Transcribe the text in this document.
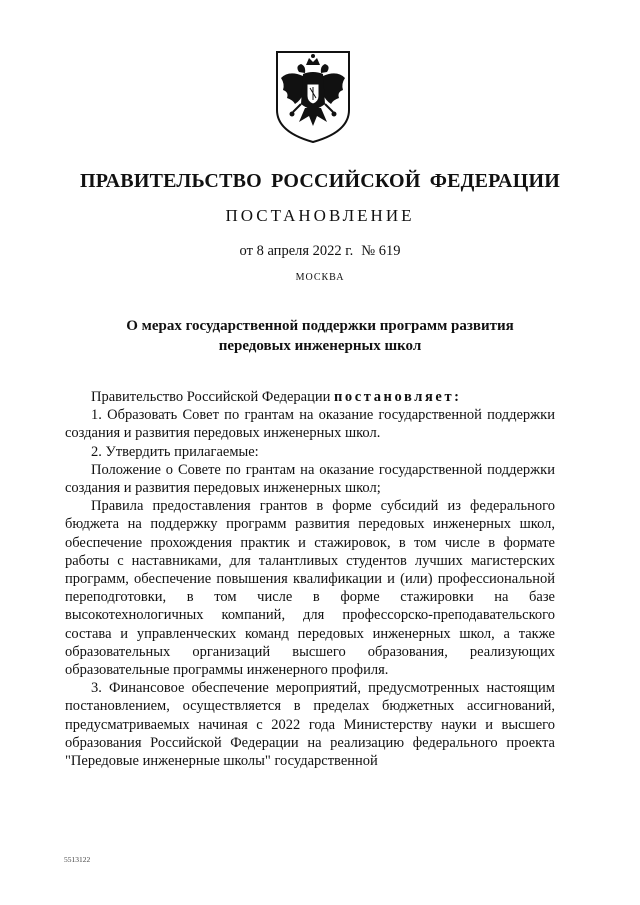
ПРАВИТЕЛЬСТВО РОССИЙСКОЙ ФЕДЕРАЦИИ
ПОСТАНОВЛЕНИЕ
от 8 апреля 2022 г. № 619
МОСКВА
О мерах государственной поддержки программ развития
передовых инженерных школ

Правительство Российской Федерации постановляет:

1. Образовать Совет по грантам на оказание государственной поддержки создания и развития передовых инженерных школ.

2. Утвердить прилагаемые:

Положение о Совете по грантам на оказание государственной поддержки создания и развития передовых инженерных школ;

Правила предоставления грантов в форме субсидий из федерального бюджета на поддержку программ развития передовых инженерных школ, обеспечение прохождения практик и стажировок, в том числе в формате работы с наставниками, для талантливых студентов лучших магистерских программ, обеспечение повышения квалификации и (или) профессиональной переподготовки, в том числе в форме стажировки на базе высокотехнологичных компаний, для профессорско-преподавательского состава и управленческих команд передовых инженерных школ, а также образовательных организаций высшего образования, реализующих образовательные программы инженерного профиля.

3. Финансовое обеспечение мероприятий, предусмотренных настоящим постановлением, осуществляется в пределах бюджетных ассигнований, предусматриваемых начиная с 2022 года Министерству науки и высшего образования Российской Федерации на реализацию федерального проекта "Передовые инженерные школы" государственной

5513122
